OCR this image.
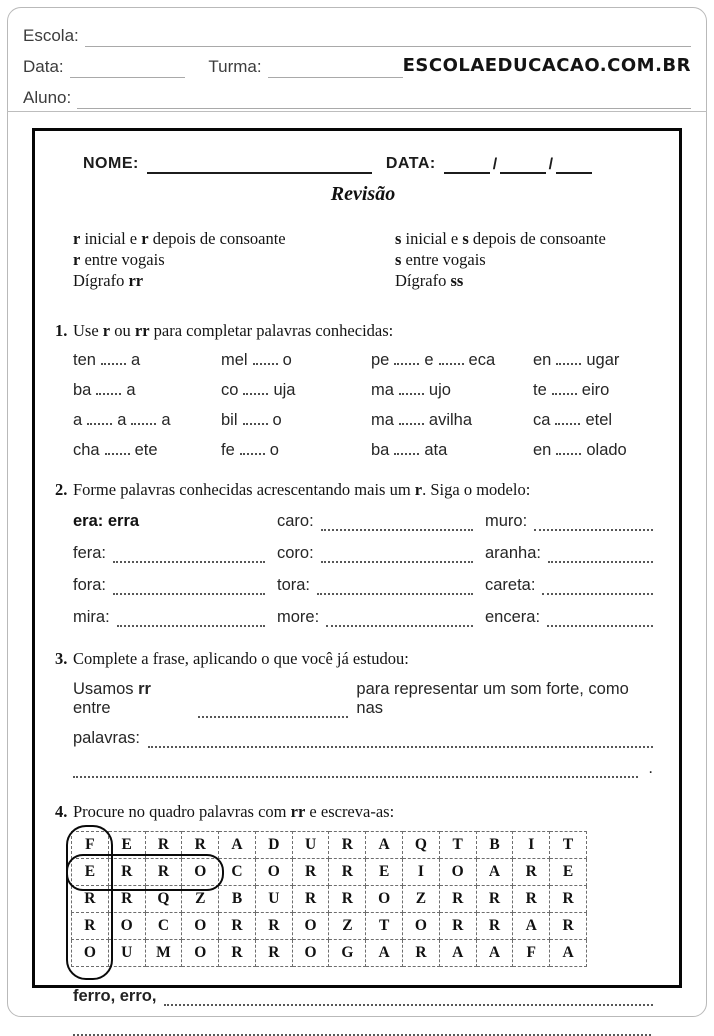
Escola:
Data:	Turma:	ESCOLAEDUCACAO.COM.BR
Aluno:
NOME:	DATA:	/	/
Revisão
r inicial e r depois de consoante
r entre vogais
Dígrafo rr
s inicial e s depois de consoante
s entre vogais
Dígrafo ss
1. Use r ou rr para completar palavras conhecidas:
ten a	mel o	pe e eca	en ugar
ba a	co uja	ma ujo	te eiro
a a a	bil o	ma avilha	ca etel
cha ete	fe o	ba ata	en olado
2. Forme palavras conhecidas acrescentando mais um r. Siga o modelo:
era: erra	caro:	muro:
fera:	coro:	aranha:
fora:	tora:	careta:
mira:	more:	encera:
3. Complete a frase, aplicando o que você já estudou:
Usamos rr entre
para representar um som forte, como nas
palavras:
.
4. Procure no quadro palavras com rr e escreva-as:
F	E	R	R	A	D	U	R	A	Q	T	B	I	T
E	R	R	O	C	O	R	R	E	I	O	A	R	E
R	R	Q	Z	B	U	R	R	O	Z	R	R	R	R
R	O	C	O	R	R	O	Z	T	O	R	R	A	R
O	U	M	O	R	R	O	G	A	R	A	A	F	A
ferro, erro,
